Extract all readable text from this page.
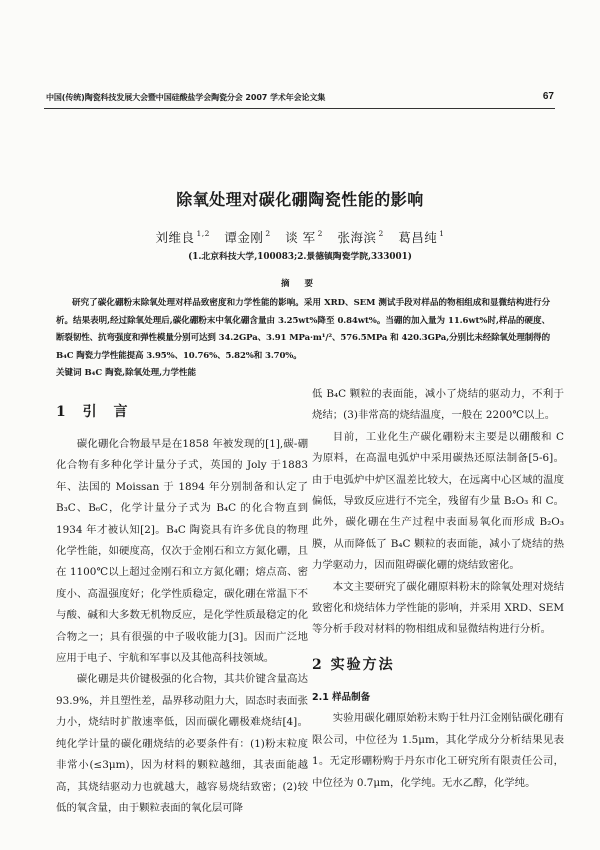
中国(传统)陶瓷科技发展大会暨中国硅酸盐学会陶瓷分会 2007 学术年会论文集	67
除氧处理对碳化硼陶瓷性能的影响
刘维良 $^{1,2}$ 谭金刚 $^2$ 谈 军 $^2$ 张海滨 $^2$ 葛昌纯 $^1$
(1.北京科技大学,100083;2.景德镇陶瓷学院,333001)
摘 要

研究了碳化硼粉末除氧处理对样品致密度和力学性能的影响。采用 XRD、SEM 测试手段对样品的物相组成和显微结构进行分析。结果表明,经过除氧处理后,碳化硼粉末中氧化硼含量由 3.25wt%降至 0.84wt%。当硼的加入量为 11.6wt%时,样品的硬度、断裂韧性、抗弯强度和弹性模量分别可达到 34.2GPa、3.91 MPa·m¹/²、576.5MPa 和 420.3GPa,分别比未经除氧处理制得的 B₄C 陶瓷力学性能提高 3.95%、10.76%、5.82%和 3.70%。

关键词 B₄C 陶瓷,除氧处理,力学性能

1 引 言

碳化硼化合物最早是在1858 年被发现的[1],碳-硼化合物有多种化学计量分子式，英国的 Joly 于1883 年、法国的 Moissan 于 1894 年分别制备和认定了 B₃C、B₆C，化学计量分子式为 B₄C 的化合物直到1934 年才被认知[2]。B₄C 陶瓷具有许多优良的物理化学性能，如硬度高，仅次于金刚石和立方氮化硼，且在 1100℃以上超过金刚石和立方氮化硼；熔点高、密度小、高温强度好；化学性质稳定，碳化硼在常温下不与酸、碱和大多数无机物反应，是化学性质最稳定的化合物之一；具有很强的中子吸收能力[3]。因而广泛地应用于电子、宇航和军事以及其他高科技领域。

碳化硼是共价键极强的化合物，其共价键含量高达 93.9%，并且塑性差，晶界移动阻力大，固态时表面张力小，烧结时扩散速率低，因而碳化硼极难烧结[4]。纯化学计量的碳化硼烧结的必要条件有：(1)粉末粒度非常小(≤3μm)，因为材料的颗粒越细，其表面能越高，其烧结驱动力也就越大，越容易烧结致密；(2)较低的氧含量，由于颗粒表面的氧化层可降

低 B₄C 颗粒的表面能，减小了烧结的驱动力，不利于烧结；(3)非常高的烧结温度，一般在 2200℃以上。

目前，工业化生产碳化硼粉末主要是以硼酸和 C 为原料，在高温电弧炉中采用碳热还原法制备[5-6]。由于电弧炉中炉区温差比较大，在远离中心区域的温度偏低，导致反应进行不完全，残留有少量 B₂O₃ 和 C。此外，碳化硼在生产过程中表面易氧化而形成 B₂O₃ 膜，从而降低了 B₄C 颗粒的表面能，减小了烧结的热力学驱动力，因而阻碍碳化硼的烧结致密化。

本文主要研究了碳化硼原料粉末的除氧处理对烧结致密化和烧结体力学性能的影响，并采用 XRD、SEM 等分析手段对材料的物相组成和显微结构进行分析。

2 实验方法

2.1 样品制备

实验用碳化硼原始粉末购于牡丹江金刚钻碳化硼有限公司，中位径为 1.5μm，其化学成分分析结果见表 1。无定形硼粉购于丹东市化工研究所有限责任公司，中位径为 0.7μm，化学纯。无水乙醇，化学纯。
